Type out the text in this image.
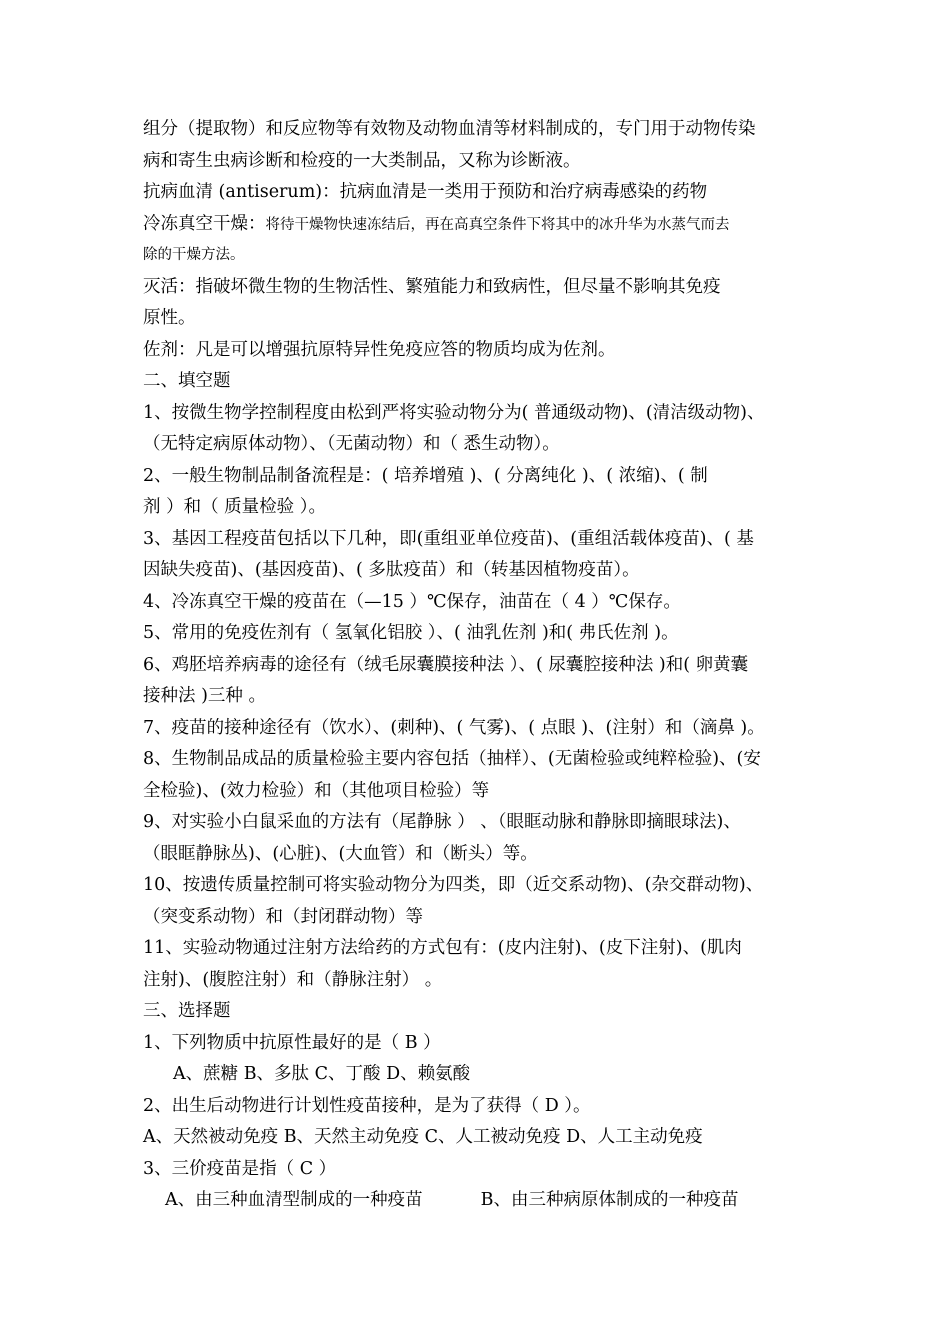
组分（提取物）和反应物等有效物及动物血清等材料制成的，专门用于动物传染
病和寄生虫病诊断和检疫的一大类制品，又称为诊断液。
抗病血清 (antiserum)：抗病血清是一类用于预防和治疗病毒感染的药物
冷冻真空干燥：将待干燥物快速冻结后，再在高真空条件下将其中的冰升华为水蒸气而去
除的干燥方法。
灭活：指破坏微生物的生物活性、繁殖能力和致病性，但尽量不影响其免疫
原性。
佐剂：凡是可以增强抗原特异性免疫应答的物质均成为佐剂。
二、填空题
1、按微生物学控制程度由松到严将实验动物分为( 普通级动物)、(清洁级动物)、
（无特定病原体动物）、（无菌动物）和（ 悉生动物）。
2、一般生物制品制备流程是：( 培养增殖 )、( 分离纯化 )、( 浓缩)、( 制
剂 ）和（ 质量检验 ）。
3、基因工程疫苗包括以下几种，即(重组亚单位疫苗)、(重组活载体疫苗)、( 基
因缺失疫苗)、(基因疫苗)、( 多肽疫苗）和（转基因植物疫苗）。
4、冷冻真空干燥的疫苗在（—15 ）℃保存，油苗在（ 4 ）℃保存。
5、常用的免疫佐剂有（ 氢氧化铝胶 ）、( 油乳佐剂 )和( 弗氏佐剂 )。
6、鸡胚培养病毒的途径有（绒毛尿囊膜接种法 ）、( 尿囊腔接种法 )和( 卵黄囊
接种法 )三种 。
7、疫苗的接种途径有（饮水）、(刺种)、( 气雾)、( 点眼 )、(注射）和（滴鼻 )。
8、生物制品成品的质量检验主要内容包括（抽样）、(无菌检验或纯粹检验)、(安
全检验)、(效力检验）和（其他项目检验）等
9、对实验小白鼠采血的方法有（尾静脉 ） 、（眼眶动脉和静脉即摘眼球法)、
（眼眶静脉丛)、(心脏)、(大血管）和（断头）等。
10、按遗传质量控制可将实验动物分为四类，即（近交系动物)、(杂交群动物)、
（突变系动物）和（封闭群动物）等
11、实验动物通过注射方法给药的方式包有：(皮内注射)、(皮下注射)、(肌肉
注射)、(腹腔注射）和（静脉注射） 。
三、选择题
1、下列物质中抗原性最好的是（ B ）
A、蔗糖 B、多肽 C、丁酸 D、赖氨酸
2、出生后动物进行计划性疫苗接种，是为了获得（ D ）。
A、天然被动免疫 B、天然主动免疫 C、人工被动免疫 D、人工主动免疫
3、三价疫苗是指（ C ）
A、由三种血清型制成的一种疫苗	B、由三种病原体制成的一种疫苗
